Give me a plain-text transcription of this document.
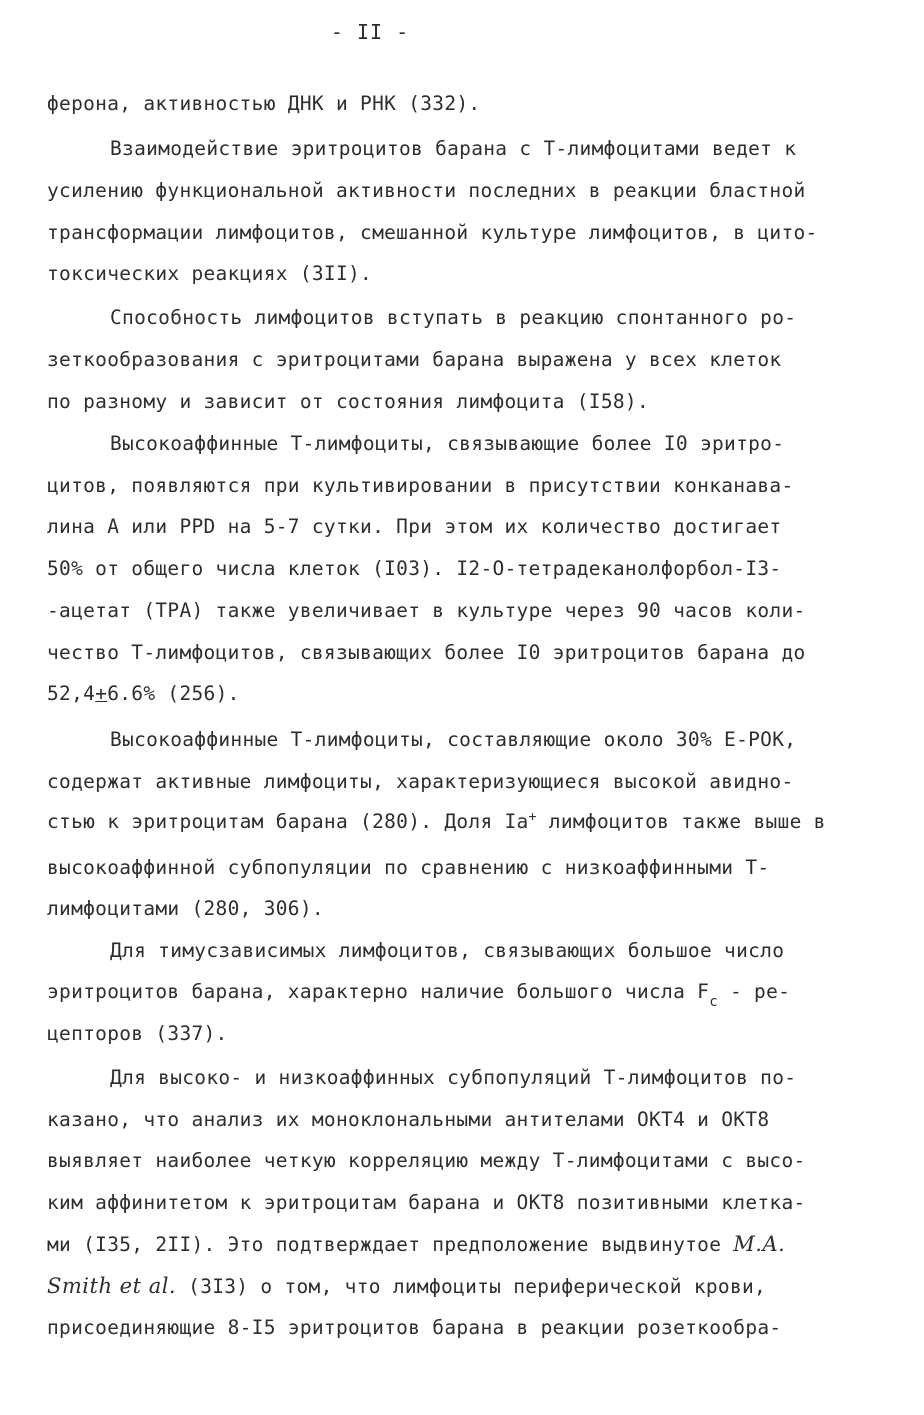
- II -
ферона, активностью ДНК и РНК (332).
Взаимодействие эритроцитов барана с Т-лимфоцитами ведет к
усилению функциональной активности последних в реакции бластной
трансформации лимфоцитов, смешанной культуре лимфоцитов, в цито-
токсических реакциях (3II).
Способность лимфоцитов вступать в реакцию спонтанного ро-
зеткообразования с эритроцитами барана выражена у всех клеток
по разному и зависит от состояния лимфоцита (I58).
Высокоаффинные Т-лимфоциты, связывающие более I0 эритро-
цитов, появляются при культивировании в присутствии конканава-
лина А или PPD на 5-7 сутки. При этом их количество достигает
50% от общего числа клеток (I03). I2-О-тетрадеканолфорбол-I3-
-ацетат (TPA) также увеличивает в культуре через 90 часов коли-
чество Т-лимфоцитов, связывающих более I0 эритроцитов барана до
52,4+6.6% (256).
Высокоаффинные Т-лимфоциты, составляющие около 30% Е-РОК,
содержат активные лимфоциты, характеризующиеся высокой авидно-
стью к эритроцитам барана (280). Доля Ia+ лимфоцитов также выше в
высокоаффинной субпопуляции по сравнению с низкоаффинными Т-
лимфоцитами (280, 306).
Для тимусзависимых лимфоцитов, связывающих большое число
эритроцитов барана, характерно наличие большого числа $F_c - ре-$
цепторов (337).
Для высоко- и низкоаффинных субпопуляций Т-лимфоцитов по-
казано, что анализ их моноклональными антителами ОКТ4 и ОКТ8
выявляет наиболее четкую корреляцию между Т-лимфоцитами с высо-
ким аффинитетом к эритроцитам барана и ОКТ8 позитивными клетка-
ми (I35, 2II). Это подтверждает предположение выдвинутое M.A.
Smith et al. (3I3) о том, что лимфоциты периферической крови,
присоединяющие 8-I5 эритроцитов барана в реакции розеткообра-
